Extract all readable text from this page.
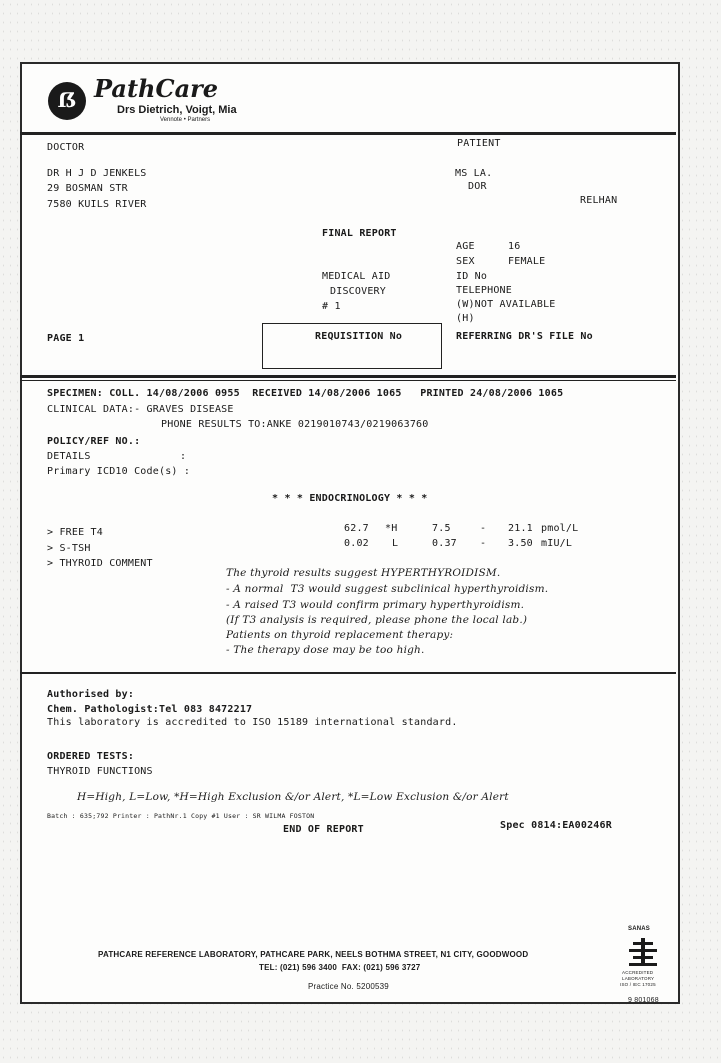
ẞ PathCare
Drs Dietrich, Voigt, Mia
Vennote • Partners
DOCTOR
DR H J D JENKELS
29 BOSMAN STR
7580 KUILS RIVER
PATIENT
MS LA.
DOR
RELHAN
FINAL REPORT
AGE	16
SEX	FEMALE
ID No
TELEPHONE
(W)NOT AVAILABLE
(H)
MEDICAL AID
DISCOVERY
# 1
PAGE 1	REQUISITION No	REFERRING DR'S FILE No
SPECIMEN: COLL. 14/08/2006 0955  RECEIVED 14/08/2006 1065   PRINTED 24/08/2006 1065
CLINICAL DATA:- GRAVES DISEASE
PHONE RESULTS TO:ANKE 0219010743/0219063760
POLICY/REF NO.:
DETAILS	:
Primary ICD10 Code(s) :
* * * ENDOCRINOLOGY * * *
> FREE T4	62.7 *H	7.5	- 21.1 pmol/L
> S-TSH	0.02 L	0.37 - 3.50 mIU/L
> THYROID COMMENT
The thyroid results suggest HYPERTHYROIDISM.
- A normal  T3 would suggest subclinical hyperthyroidism.
- A raised T3 would confirm primary hyperthyroidism.
(If T3 analysis is required, please phone the local lab.)
Patients on thyroid replacement therapy:
- The therapy dose may be too high.
Authorised by:
Chem. Pathologist:Tel 083 8472217
This laboratory is accredited to ISO 15189 international standard.
ORDERED TESTS:
THYROID FUNCTIONS
H=High, L=Low, *H=High Exclusion &/or Alert, *L=Low Exclusion &/or Alert
Batch : 635;792 Printer : PathNr.1 Copy #1 User : SR WILMA FOSTON
END OF REPORT	Spec 0814:EA00246R
PATHCARE REFERENCE LABORATORY, PATHCARE PARK, NEELS BOTHMA STREET, N1 CITY, GOODWOOD
TEL: (021) 596 3400  FAX: (021) 596 3727
Practice No. 5200539
SANAS
ACCREDITED
LABORATORY
ISO / IEC 17025
9 801068
